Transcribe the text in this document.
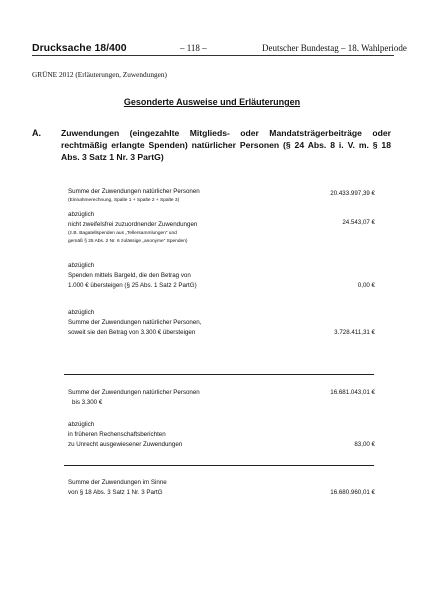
Drucksache 18/400	– 118 –	Deutscher Bundestag – 18. Wahlperiode
GRÜNE 2012 (Erläuterungen, Zuwendungen)
Gesonderte Ausweise und Erläuterungen
A. Zuwendungen (eingezahlte Mitglieds- oder Mandatsträgerbeiträge oder rechtmäßig erlangte Spenden) natürlicher Personen (§ 24 Abs. 8 i. V. m. § 18 Abs. 3 Satz 1 Nr. 3 PartG)
Summe der Zuwendungen natürlicher Personen
(Einnahmerechnung, Spalte 1 + Spalte 2 + Spalte 3)
20.433.997,39 €
abzüglich
nicht zweifelsfrei zuzuordnender Zuwendungen
(z.B. Bagatellspenden aus „Tellersammlungen“ und
gemäß § 25 Abs. 2 Nr. 6 zulässige „anonyme“ Spenden)
24.543,07 €
abzüglich
Spenden mittels Bargeld, die den Betrag von
1.000 € übersteigen (§ 25 Abs. 1 Satz 2 PartG)	0,00 €
abzüglich
Summe der Zuwendungen natürlicher Personen,
soweit sie den Betrag von 3.300 € übersteigen	3.728.411,31 €
Summe der Zuwendungen natürlicher Personen
bis 3.300 €
16.681.043,01 €
abzüglich
in früheren Rechenschaftsberichten
zu Unrecht ausgewiesener Zuwendungen	83,00 €
Summe der Zuwendungen im Sinne
von § 18 Abs. 3 Satz 1 Nr. 3 PartG	16.680.960,01 €
